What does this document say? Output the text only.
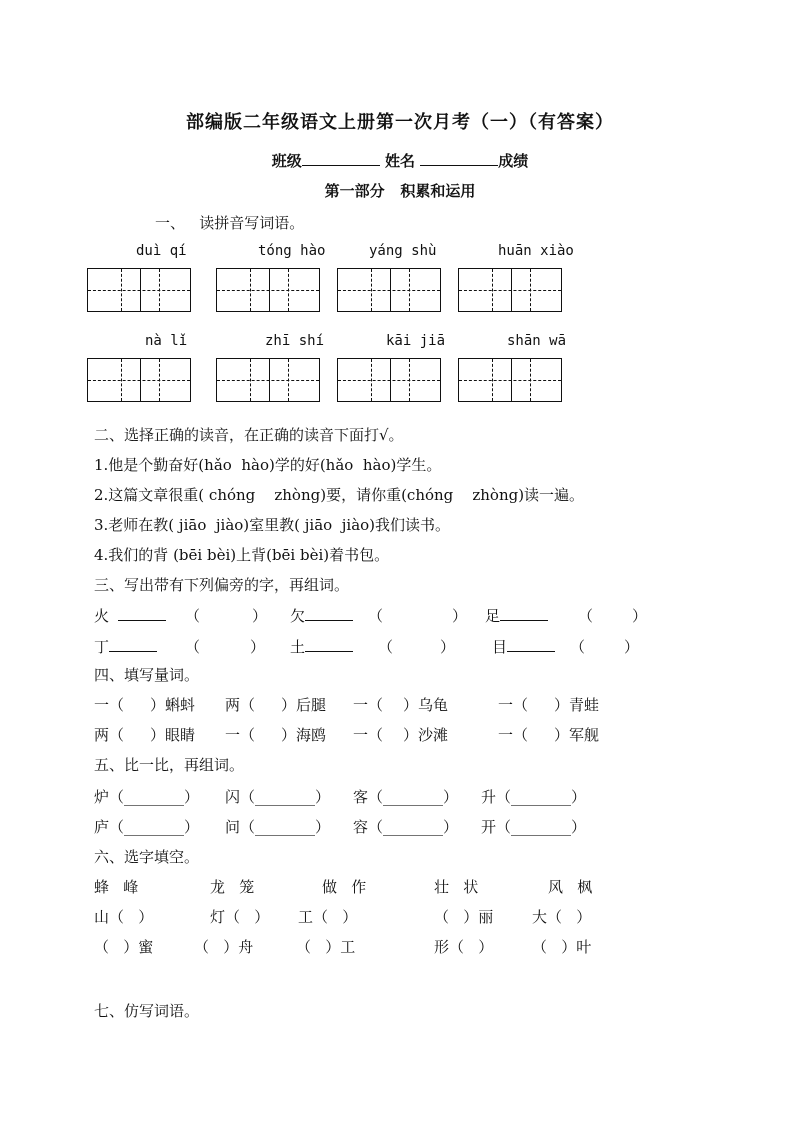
部编版二年级语文上册第一次月考（一）（有答案）
班级	姓名	成绩
第一部分   积累和运用
一、   读拼音写词语。
duì qí	tóng hào	yáng shù	huān xiào
nà lǐ	zhī shí	kāi jiā	shān wā
二、选择正确的读音，在正确的读音下面打√。
1.他是个勤奋好(hǎo  hào)学的好(hǎo  hào)学生。
2.这篇文章很重( chóng    zhòng)要，请你重(chóng    zhòng)读一遍。
3.老师在教( jiāo  jiào)室里教( jiāo  jiào)我们读书。
4.我们的背 (bēi bèi)上背(bēi bèi)着书包。
三、写出带有下列偏旁的字，再组词。
火	（	） 欠	（	） 足	（	）
丁	（	） 土	（	） 目	（	）
四、填写量词。
一（ ）蝌蚪 两（ ）后腿 一（ ）乌龟	一（ ）青蛙
两（ ）眼睛 一（ ）海鸥 一（ ）沙滩	一（ ）军舰
五、比一比，再组词。
炉（________） 闪（________） 客（________） 升（________）
庐（________） 问（________） 容（________） 开（________）
六、选字填空。
蜂   峰	龙   笼	做   作	壮   状	风   枫
山（   ）	灯（   ） 工（   ）	（   ）丽	大（   ）
（   ）蜜	（   ）舟	（   ）工	形（   ）	（   ）叶
七、仿写词语。
